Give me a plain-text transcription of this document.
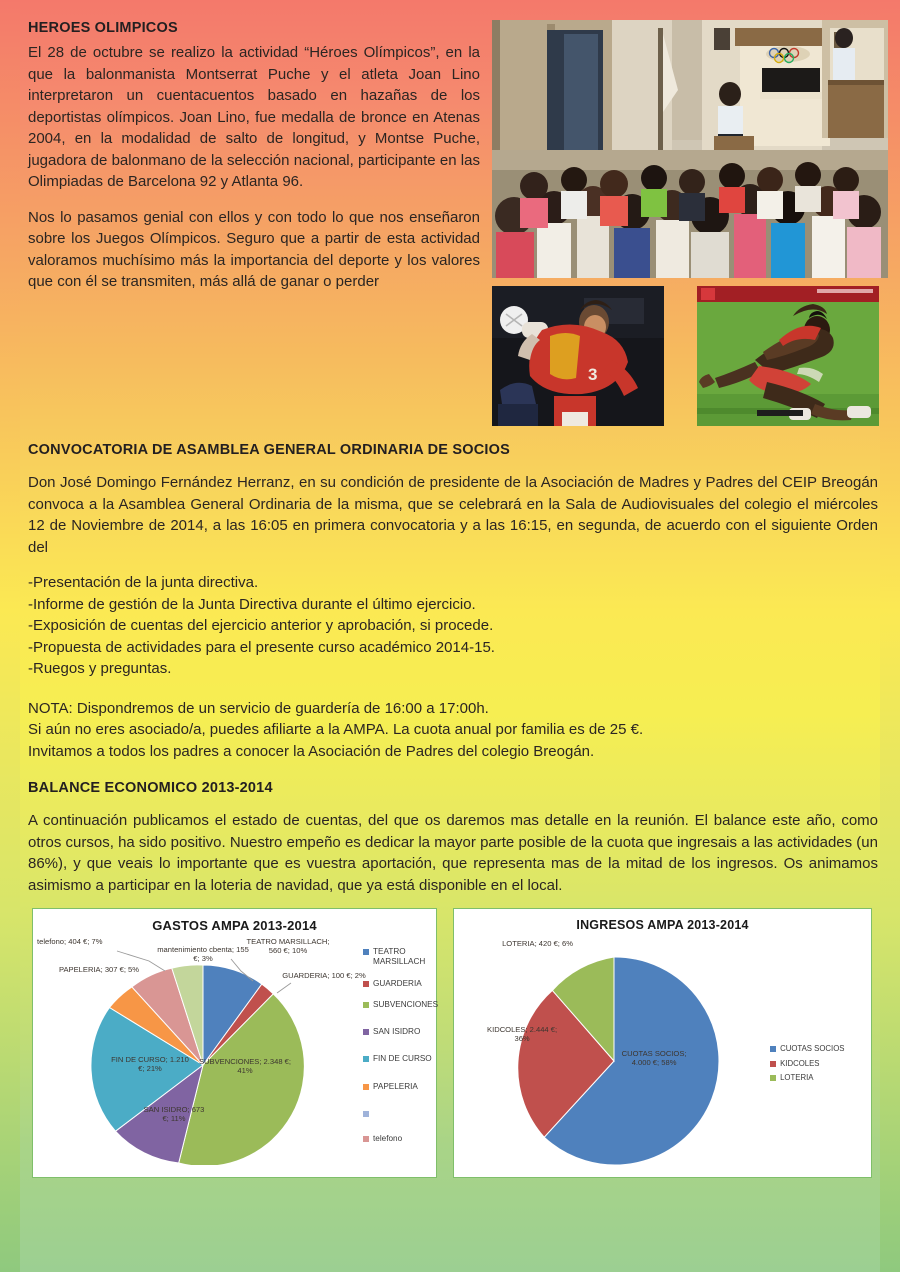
HEROES OLIMPICOS

El 28 de octubre se realizo la actividad “Héroes Olímpicos”, en la que la balonmanista Montserrat Puche y el atleta Joan Lino interpretaron un cuentacuentos basado en hazañas de los deportistas olímpicos. Joan Lino, fue medalla de bronce en Atenas 2004, en la modalidad de salto de longitud, y Montse Puche, jugadora de balonmano de la selección nacional, participante en las Olimpiadas de Barcelona 92 y Atlanta 96.

Nos lo pasamos genial con ellos y con todo lo que nos enseñaron sobre los Juegos Olímpicos. Seguro que a partir de esta actividad valoramos muchísimo más la importancia del deporte y los valores que con él se transmiten, más allá de ganar o perder

3
CONVOCATORIA DE ASAMBLEA GENERAL ORDINARIA DE SOCIOS

Don José Domingo Fernández Herranz, en su condición de presidente de la Asociación de Madres y Padres del CEIP Breogán convoca a la Asamblea General Ordinaria de la misma, que se celebrará en la Sala de Audiovisuales del colegio el miércoles 12 de Noviembre de 2014, a las 16:05 en primera convocatoria y a las 16:15, en segunda, de acuerdo con el siguiente Orden del

-Presentación de la junta directiva.
-Informe de gestión de la Junta Directiva durante el último ejercicio.
-Exposición de cuentas del ejercicio anterior y aprobación, si procede.
-Propuesta de actividades para el presente curso académico 2014-15.
-Ruegos y preguntas.
NOTA: Dispondremos de un servicio de guardería de 16:00 a 17:00h.
Si aún no eres asociado/a, puedes afiliarte a la AMPA. La cuota anual por familia es de 25 €.
Invitamos a todos los padres a conocer la Asociación de Padres del colegio Breogán.
BALANCE ECONOMICO 2013-2014

A continuación publicamos el estado de cuentas, del que os daremos mas detalle en la reunión. El balance este año, como otros cursos, ha sido positivo. Nuestro empeño es dedicar la mayor parte posible de la cuota que ingresais a las actividades (un 86%), y que veais lo importante que es vuestra aportación, que representa mas de la mitad de los ingresos. Os animamos asimismo a participar en la loteria de navidad, que ya está disponible en el local.

GASTOS AMPA 2013-2014
telefono; 404 €; 7%
PAPELERIA; 307 €; 5%
mantenimiento cbenta; 155 €; 3%
TEATRO MARSILLACH; 560 €; 10%
GUARDERIA; 100 €; 2%
SUBVENCIONES; 2.348 €; 41%
FIN DE CURSO; 1.210 €; 21%
SAN ISIDRO; 673 €; 11%
TEATRO MARSILLACH
GUARDERIA
SUBVENCIONES
SAN ISIDRO
FIN DE CURSO
PAPELERIA
telefono
INGRESOS AMPA 2013-2014
LOTERIA; 420 €; 6%
KIDCOLES; 2.444 €;
36%
CUOTAS SOCIOS;
4.000 €; 58%
CUOTAS SOCIOS
KIDCOLES
LOTERIA
